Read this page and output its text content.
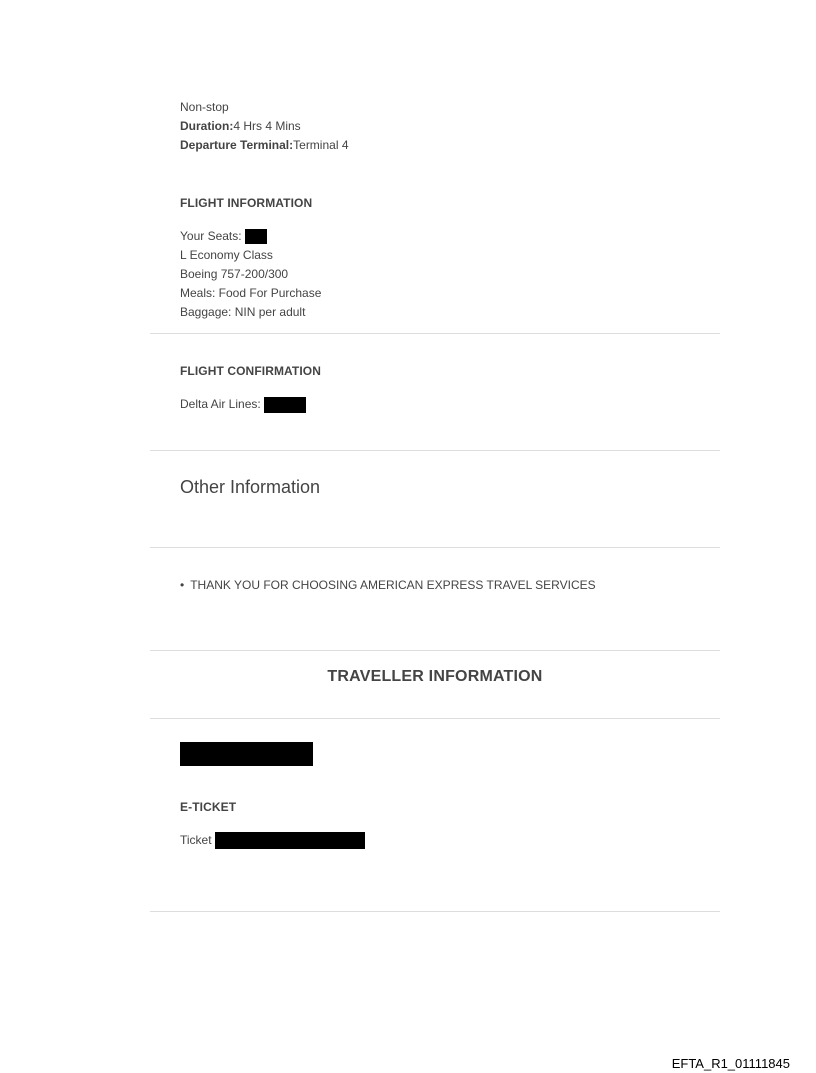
Non-stop
Duration:4 Hrs 4 Mins
Departure Terminal:Terminal 4
FLIGHT INFORMATION
Your Seats:
L Economy Class
Boeing 757-200/300
Meals: Food For Purchase
Baggage: NIN per adult
FLIGHT CONFIRMATION
Delta Air Lines:
Other Information
• THANK YOU FOR CHOOSING AMERICAN EXPRESS TRAVEL SERVICES
TRAVELLER INFORMATION
E-TICKET
Ticket
EFTA_R1_01111845
